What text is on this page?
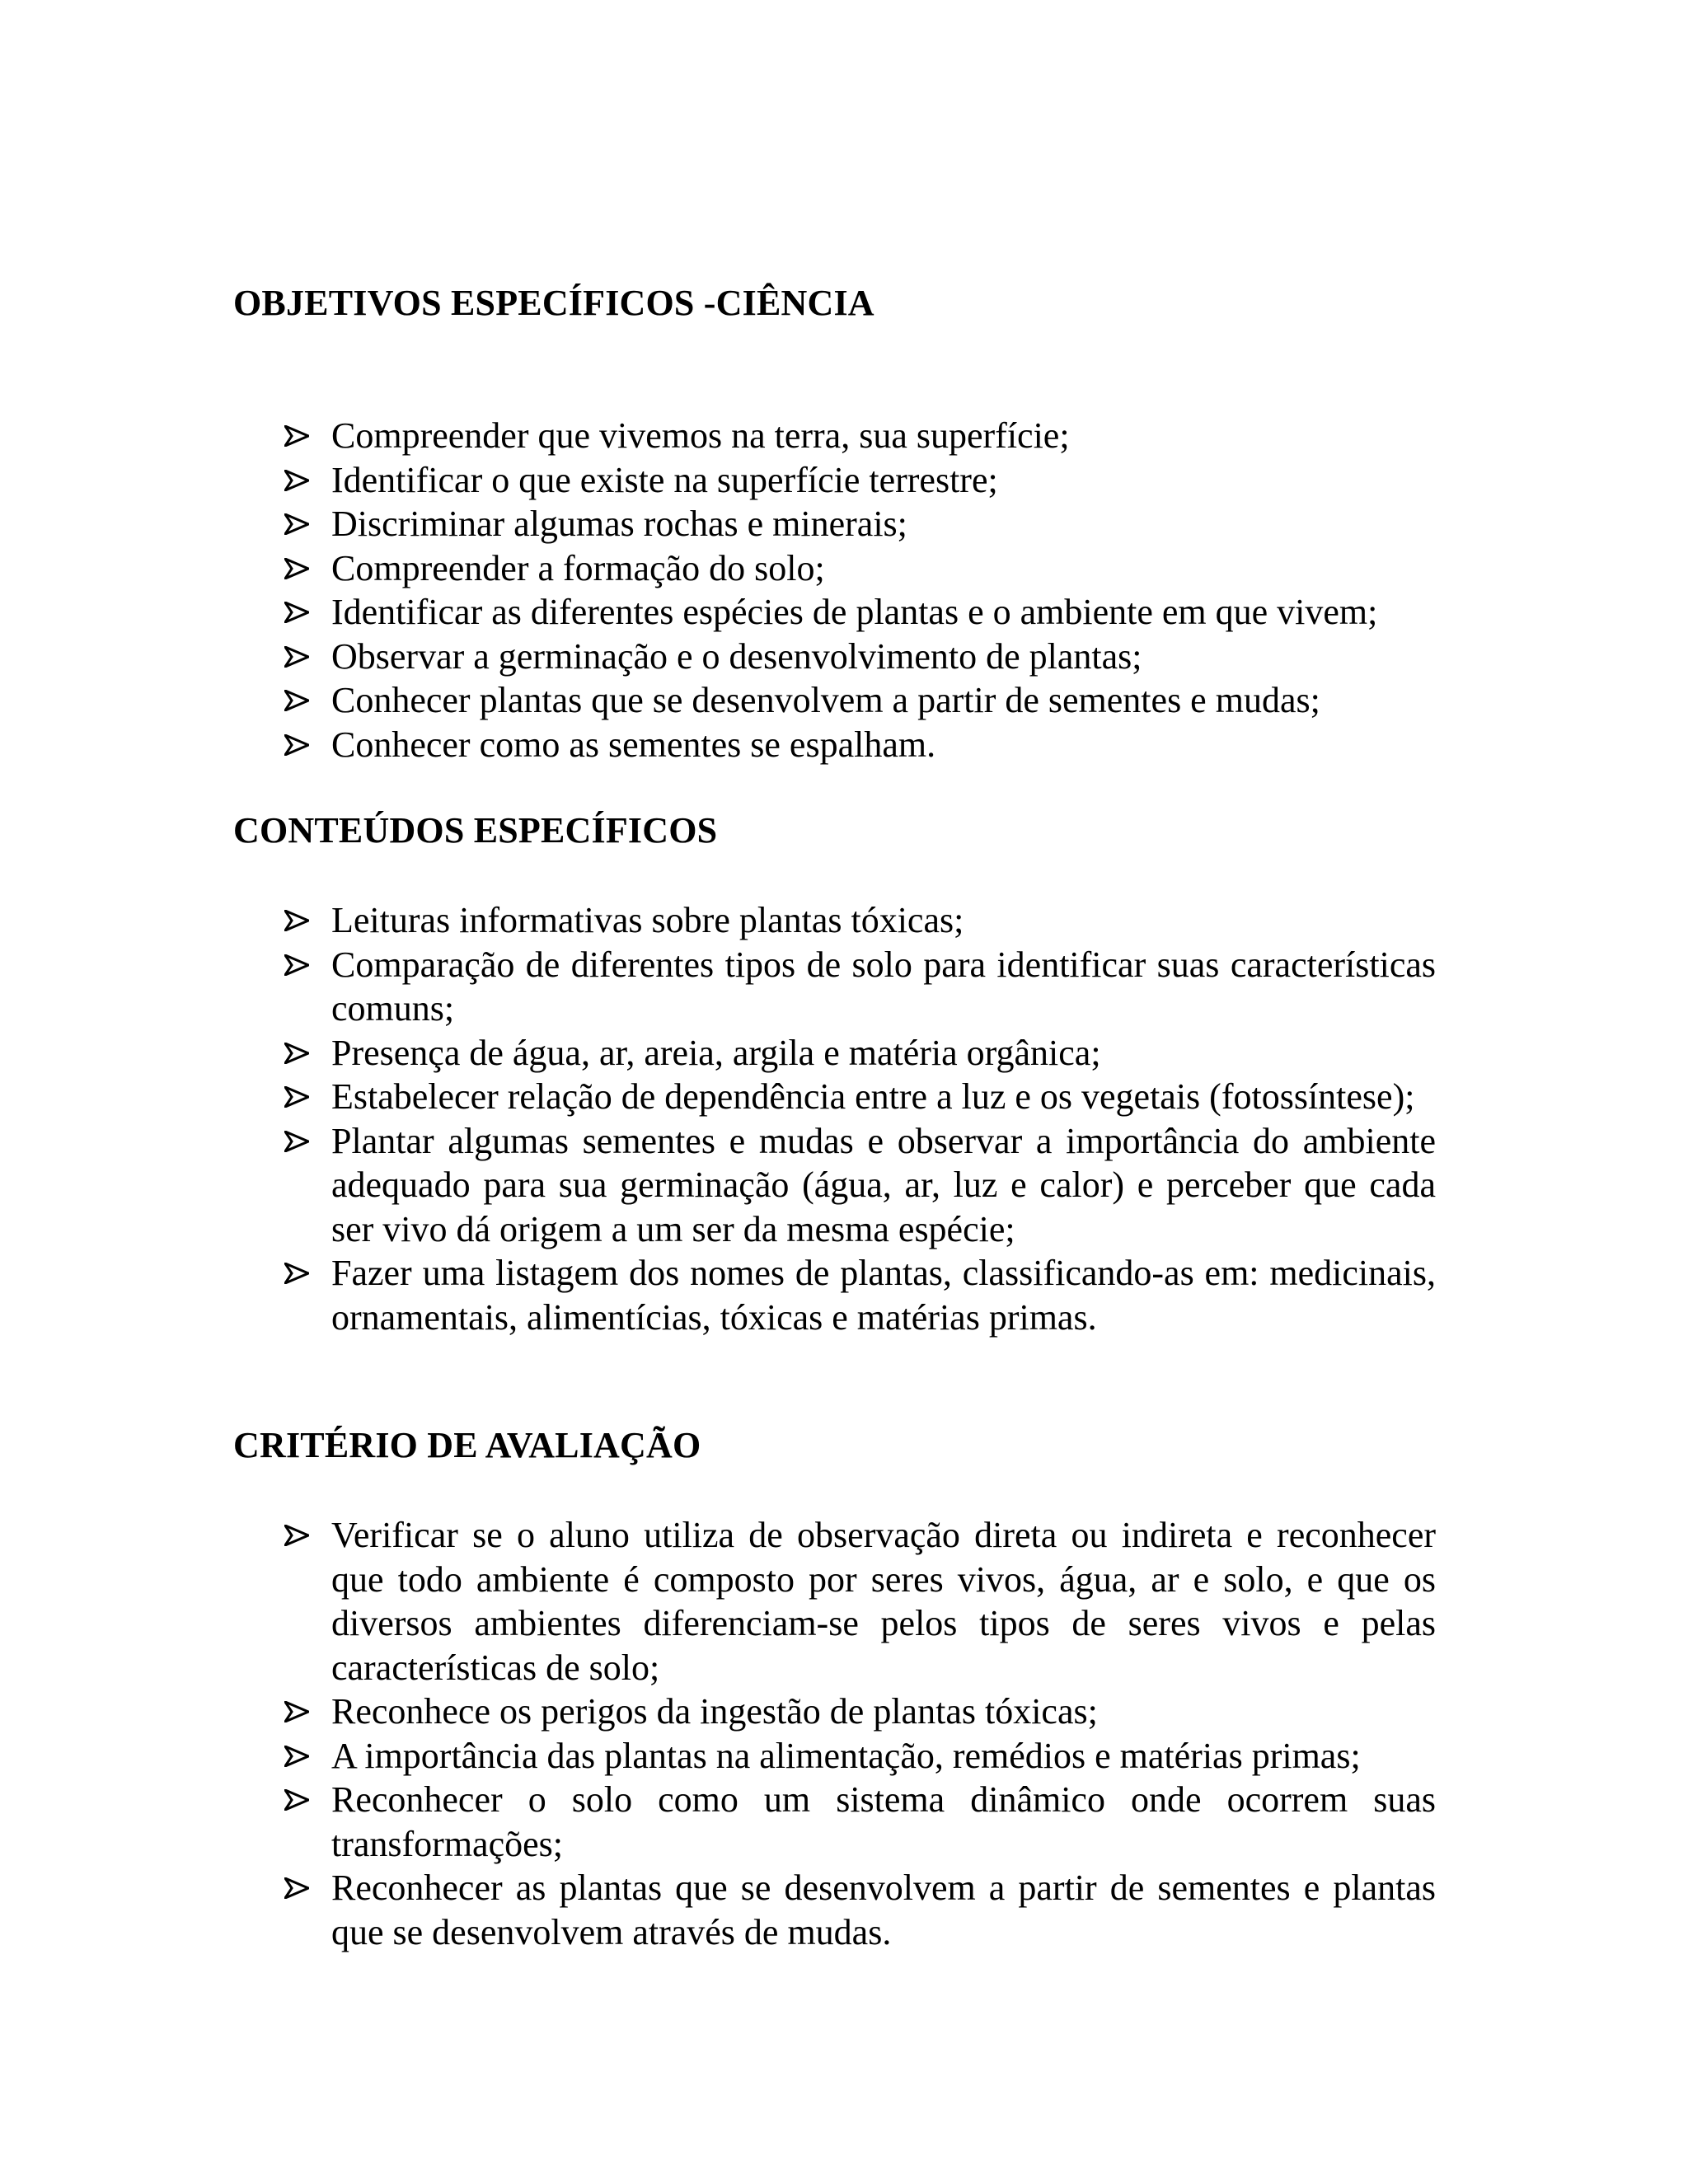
OBJETIVOS ESPECÍFICOS -CIÊNCIA
Compreender que vivemos na terra, sua superfície;
Identificar o que existe na superfície terrestre;
Discriminar algumas rochas e minerais;
Compreender a formação do solo;
Identificar as diferentes espécies de plantas e o ambiente em que vivem;
Observar a germinação e o desenvolvimento de plantas;
Conhecer plantas que se desenvolvem a partir de sementes e mudas;
Conhecer como as sementes se espalham.
CONTEÚDOS ESPECÍFICOS
Leituras informativas sobre plantas tóxicas;
Comparação de diferentes tipos de solo para identificar suas características comuns;
Presença de água, ar, areia, argila e matéria orgânica;
Estabelecer relação de dependência entre a luz e os vegetais (fotossíntese);
Plantar algumas sementes e mudas e observar a importância do ambiente adequado para sua germinação (água, ar, luz e calor) e perceber que cada ser vivo dá origem a um ser da mesma espécie;
Fazer uma listagem dos nomes de plantas, classificando-as em: medicinais, ornamentais, alimentícias, tóxicas e matérias primas.
CRITÉRIO DE AVALIAÇÃO
Verificar se o aluno utiliza de observação direta ou indireta e reconhecer que todo ambiente é composto por seres vivos, água, ar e solo, e que os diversos ambientes diferenciam-se pelos tipos de seres vivos e pelas características de solo;
Reconhece os perigos da ingestão de plantas tóxicas;
A importância das plantas na alimentação, remédios e matérias primas;
Reconhecer o solo como um sistema dinâmico onde ocorrem suas transformações;
Reconhecer as plantas que se desenvolvem a partir de sementes e plantas que se desenvolvem através de mudas.
